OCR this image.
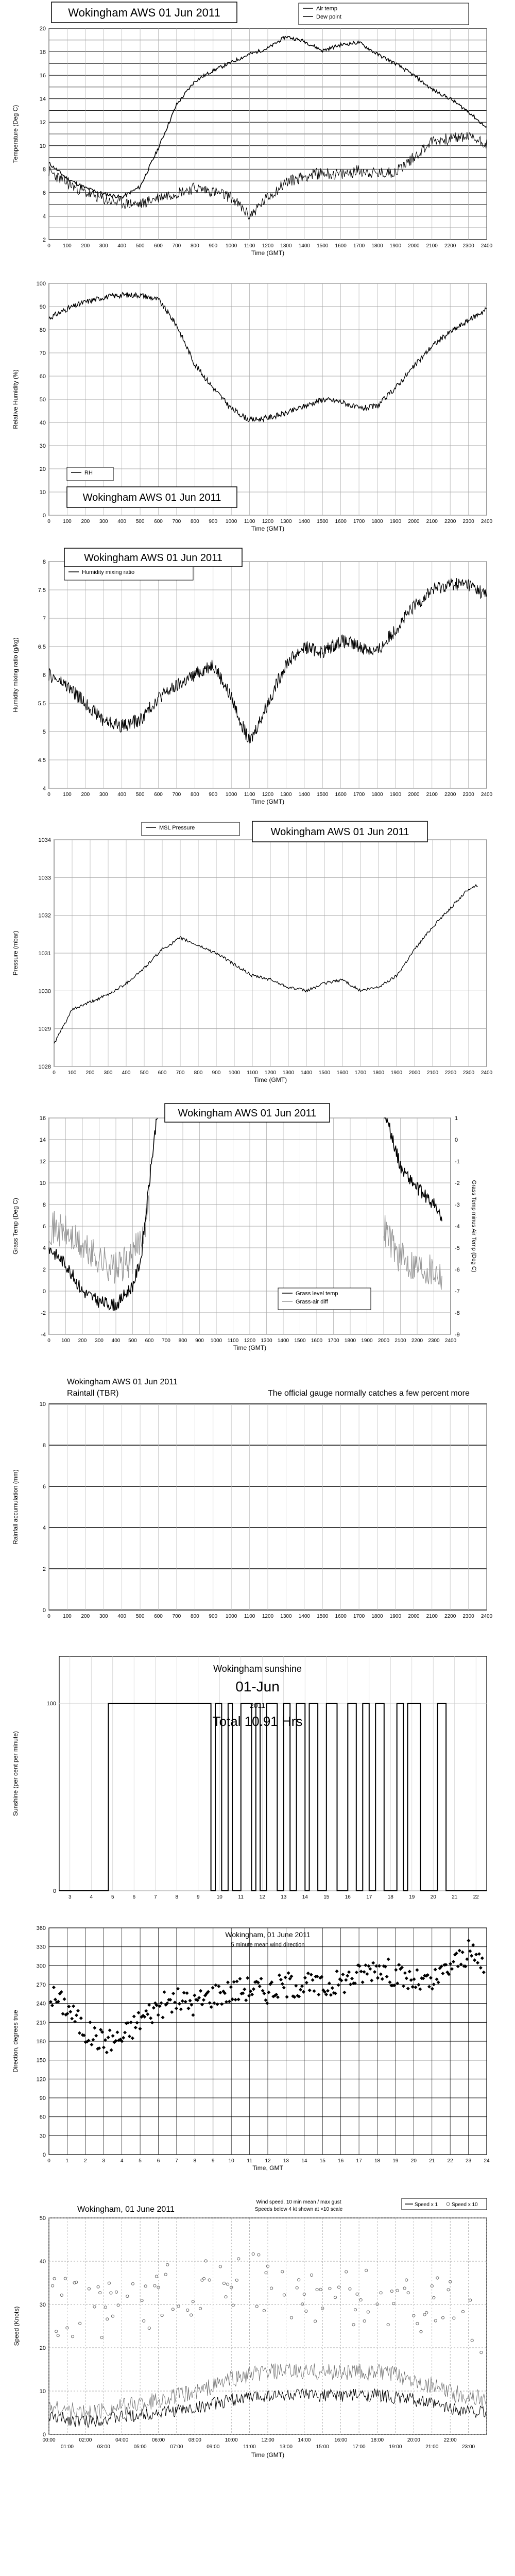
2
4
6
8
10
12
14
16
18
20
0 100 200 300 400 500 600 700 800 900 1000 1100 1200 1300 1400 1500 1600 1700 1800 1900 2000 2100 2200 2300 2400
Time (GMT)
Temperature (Deg C)
Wokingham AWS 01 Jun 2011	Air temp
Dew point
0
10
20
30
40
50
60
70
80
90
100
0 100 200 300 400 500 600 700 800 900 1000 1100 1200 1300 1400 1500 1600 1700 1800 1900 2000 2100 2200 2300 2400
Time (GMT)
Relative Humidity (%)
RH
Wokingham AWS 01 Jun 2011
4
4.5
5
5.5
6
6.5
7
7.5
8
0 100 200 300 400 500 600 700 800 900 1000 1100 1200 1300 1400 1500 1600 1700 1800 1900 2000 2100 2200 2300 2400
Time (GMT)
Humidity mixing ratio (g/kg)
Wokingham AWS 01 Jun 2011
Humidity mixing ratio
1028
1029
1030
1031
1032
1033
1034
0 100 200 300 400 500 600 700 800 900 1000 1100 1200 1300 1400 1500 1600 1700 1800 1900 2000 2100 2200 2300 2400
Time (GMT)
Pressure (mbar)
MSL Pressure	Wokingham AWS 01 Jun 2011
-4
-2
0
2
4
6
8
10
12
14
16
0 100 200 300 400 500 600 700 800 900 1000 1100 1200 1300 1400 1500 1600 1700 1800 1900 2000 2100 2200 2300 2400
Time (GMT)
Grass Temp (Deg C)
-9
-8
-7
-6
-5
-4
-3
-2
-1
0
1
Grass Temp minus Air Temp (Deg C)
Wokingham AWS 01 Jun 2011
Grass level temp
Grass-air diff
0
2
4
6
8
10
0 100 200 300 400 500 600 700 800 900 1000 1100 1200 1300 1400 1500 1600 1700 1800 1900 2000 2100 2200 2300 2400
Rainfall accumulation (mm)
Wokingham AWS 01 Jun 2011
Raintall (TBR)	The official gauge normally catches a few percent more
0
100
3	4	5	6	7	8	9	10	11	12	13	14	15	16	17	18	19	20	21	22
Sunshine (per cent per minute)
Wokingham sunshine
01-Jun
2011
Total 10.91 Hrs
0
30
60
90
120
150
180
210
240
270
300
330
360
0	1	2	3	4	5	6	7	8	9	10 11 12 13 14 15 16 17 18 19 20 21 22 23 24
Time, GMT
Direction, degrees true
Wokingham, 01 June 2011
5 minute mean wind direction
0
10
20
30
40
50
00:00	02:00	04:00	06:00	08:00	10:00	12:00	14:00	16:00	18:00	20:00	22:00
01:00	03:00	05:00	07:00	09:00	11:00	13:00	15:00	17:00	19:00	21:00	23:00
Time (GMT)
Speed (Knots)
Wokingham, 01 June 2011
Wind speed, 10 min mean / max gust
Speeds below 4 kt shown at ×10 scale
Speed x 1	Speed x 10
